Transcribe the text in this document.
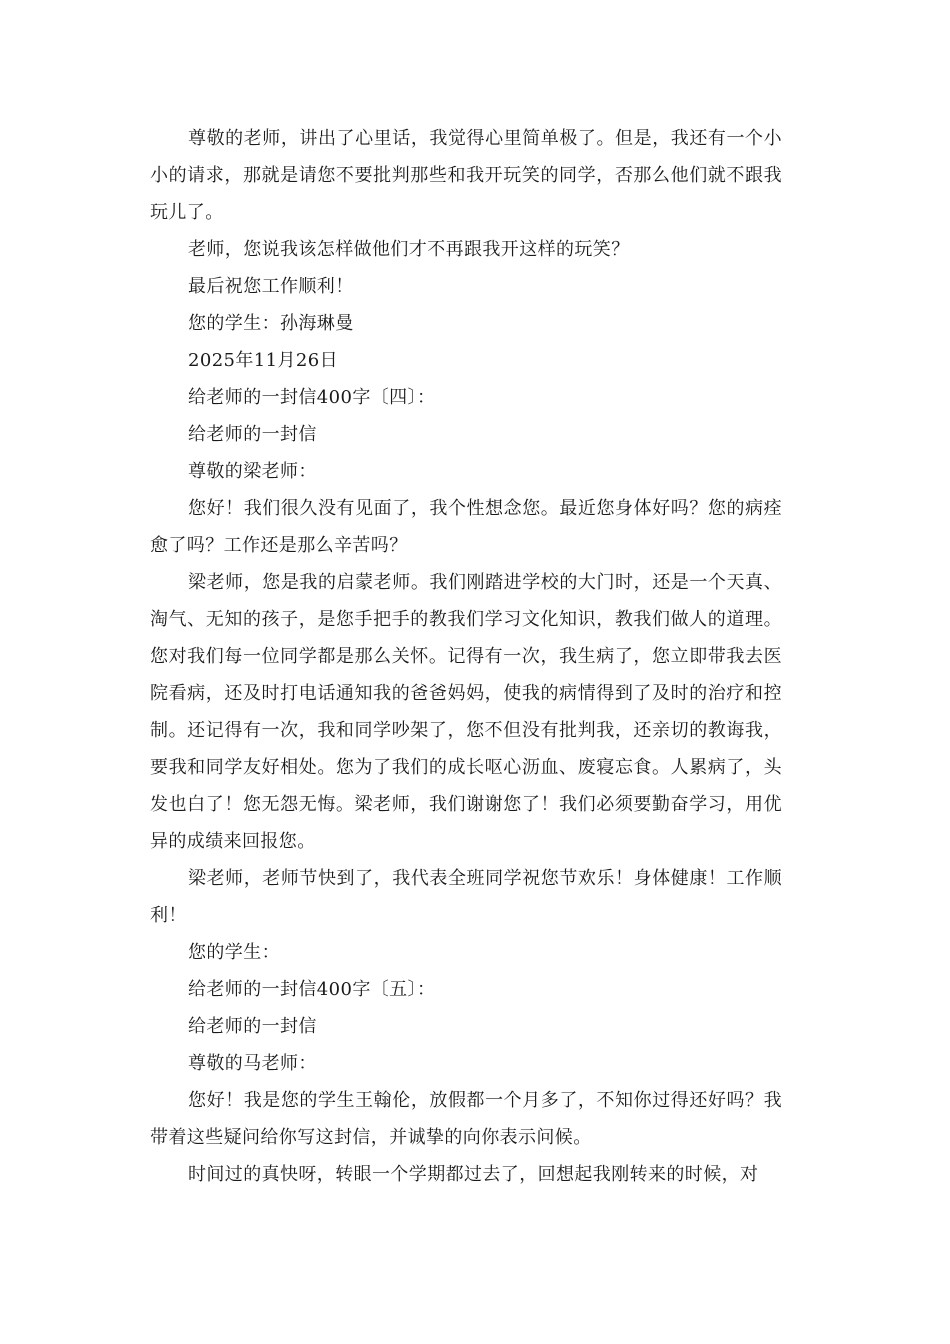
尊敬的老师，讲出了心里话，我觉得心里简单极了。但是，我还有一个小小的请求，那就是请您不要批判那些和我开玩笑的同学，否那么他们就不跟我玩儿了。

老师，您说我该怎样做他们才不再跟我开这样的玩笑？

最后祝您工作顺利！

您的学生：孙海琳曼

2025年11月26日

给老师的一封信400字〔四〕：

给老师的一封信

尊敬的梁老师：

您好！我们很久没有见面了，我个性想念您。最近您身体好吗？您的病痊愈了吗？工作还是那么辛苦吗？

梁老师，您是我的启蒙老师。我们刚踏进学校的大门时，还是一个天真、淘气、无知的孩子，是您手把手的教我们学习文化知识，教我们做人的道理。您对我们每一位同学都是那么关怀。记得有一次，我生病了，您立即带我去医院看病，还及时打电话通知我的爸爸妈妈，使我的病情得到了及时的治疗和控制。还记得有一次，我和同学吵架了，您不但没有批判我，还亲切的教诲我，要我和同学友好相处。您为了我们的成长呕心沥血、废寝忘食。人累病了，头发也白了！您无怨无悔。梁老师，我们谢谢您了！我们必须要勤奋学习，用优异的成绩来回报您。

梁老师，老师节快到了，我代表全班同学祝您节欢乐！身体健康！工作顺利！

您的学生：

给老师的一封信400字〔五〕：

给老师的一封信

尊敬的马老师：

您好！我是您的学生王翰伦，放假都一个月多了，不知你过得还好吗？我带着这些疑问给你写这封信，并诚挚的向你表示问候。

时间过的真快呀，转眼一个学期都过去了，回想起我刚转来的时候，对
